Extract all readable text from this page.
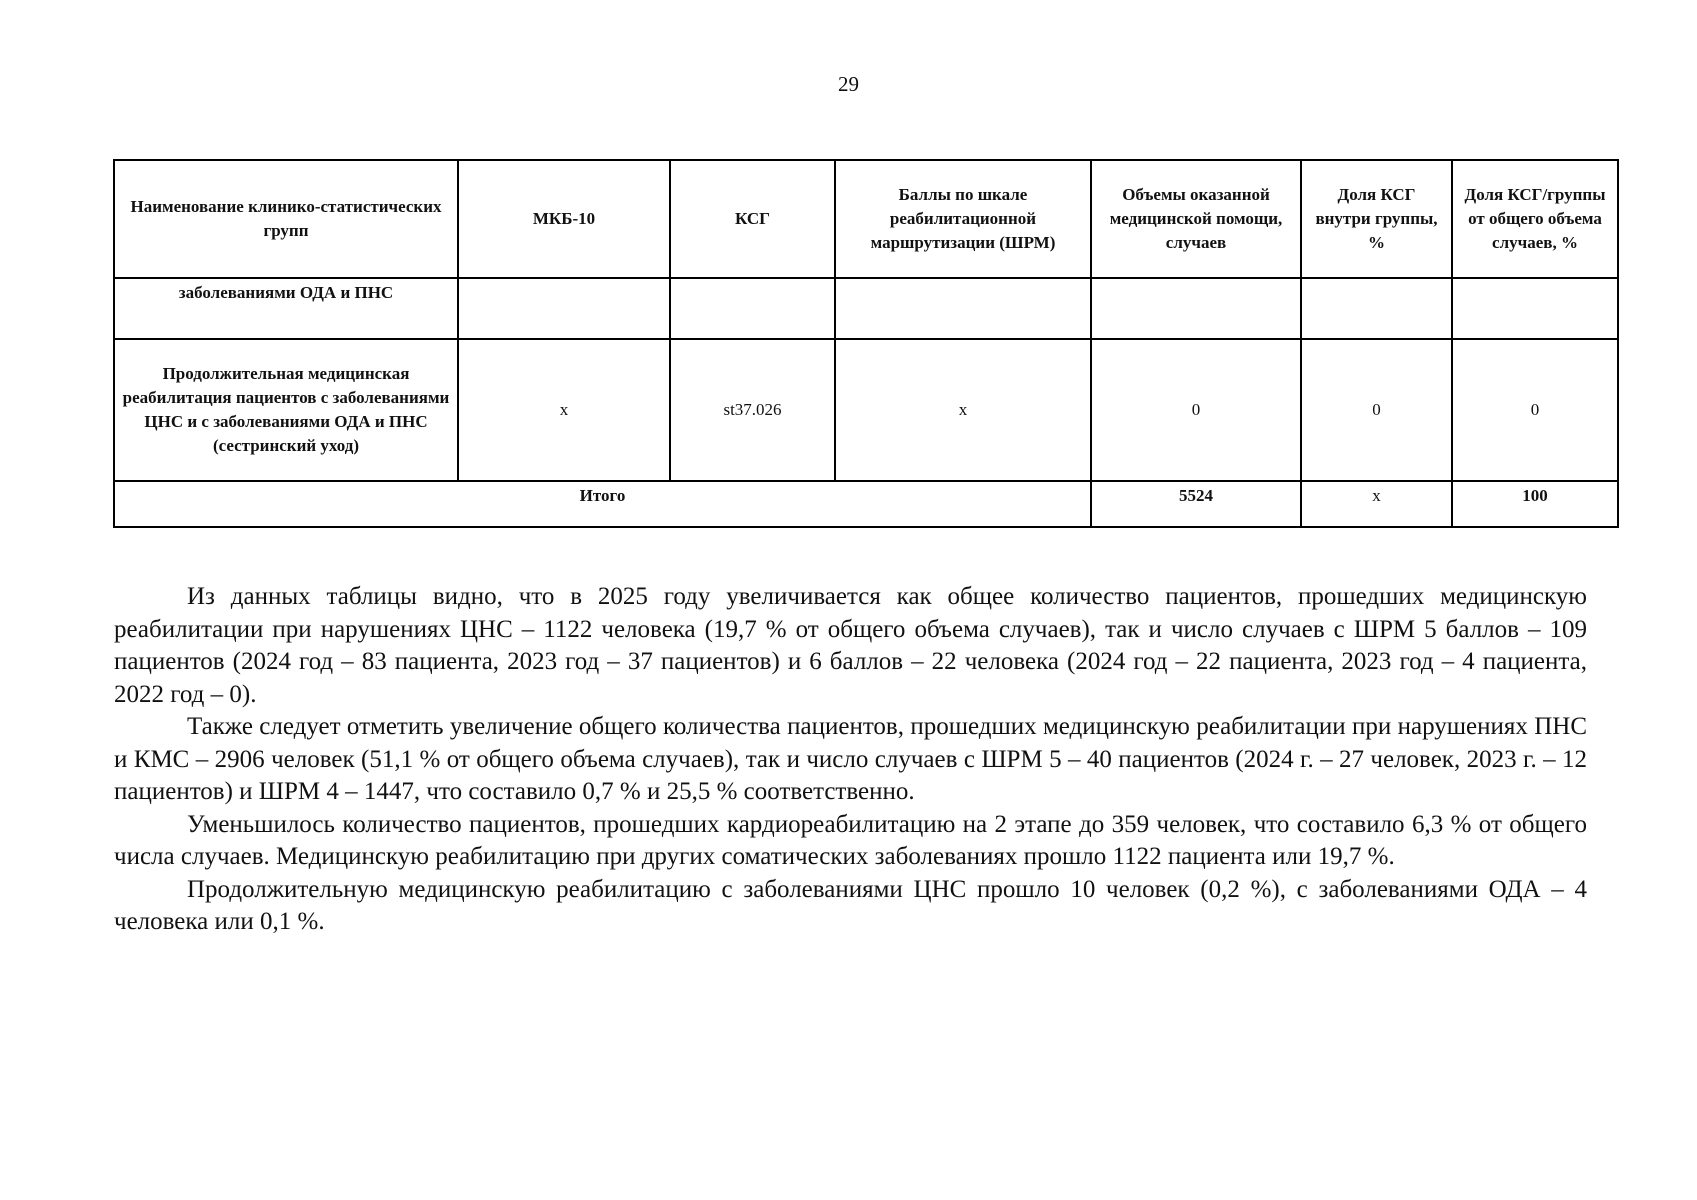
29
Наименование клинико-статистических групп	МКБ-10	КСГ	Баллы по шкале реабилитационной маршрутизации (ШРМ)	Объемы оказанной медицинской помощи, случаев	Доля КСГ внутри группы, %	Доля КСГ/группы от общего объема случаев, %
заболеваниями ОДА и ПНС						
Продолжительная медицинская реабилитация пациентов с заболеваниями ЦНС и с заболеваниями ОДА и ПНС (сестринский уход)	x	st37.026	x	0	0	0
Итого				5524	x	100

Из данных таблицы видно, что в 2025 году увеличивается как общее количество пациентов, прошедших медицинскую реабилитации при нарушениях ЦНС – 1122 человека (19,7 % от общего объема случаев), так и число случаев с ШРМ 5 баллов – 109 пациентов (2024 год – 83 пациента, 2023 год – 37 пациентов) и 6 баллов – 22 человека (2024 год – 22 пациента, 2023 год – 4 пациента, 2022 год – 0).

Также следует отметить увеличение общего количества пациентов, прошедших медицинскую реабилитации при нарушениях ПНС и КМС – 2906 человек (51,1 % от общего объема случаев), так и число случаев с ШРМ 5 – 40 пациентов (2024 г. – 27 человек, 2023 г. – 12 пациентов) и ШРМ 4 – 1447, что составило 0,7 % и 25,5 % соответственно.

Уменьшилось количество пациентов, прошедших кардиореабилитацию на 2 этапе до 359 человек, что составило 6,3 % от общего числа случаев. Медицинскую реабилитацию при других соматических заболеваниях прошло 1122 пациента или 19,7 %.

Продолжительную медицинскую реабилитацию с заболеваниями ЦНС прошло 10 человек (0,2 %), с заболеваниями ОДА – 4 человека или 0,1 %.
